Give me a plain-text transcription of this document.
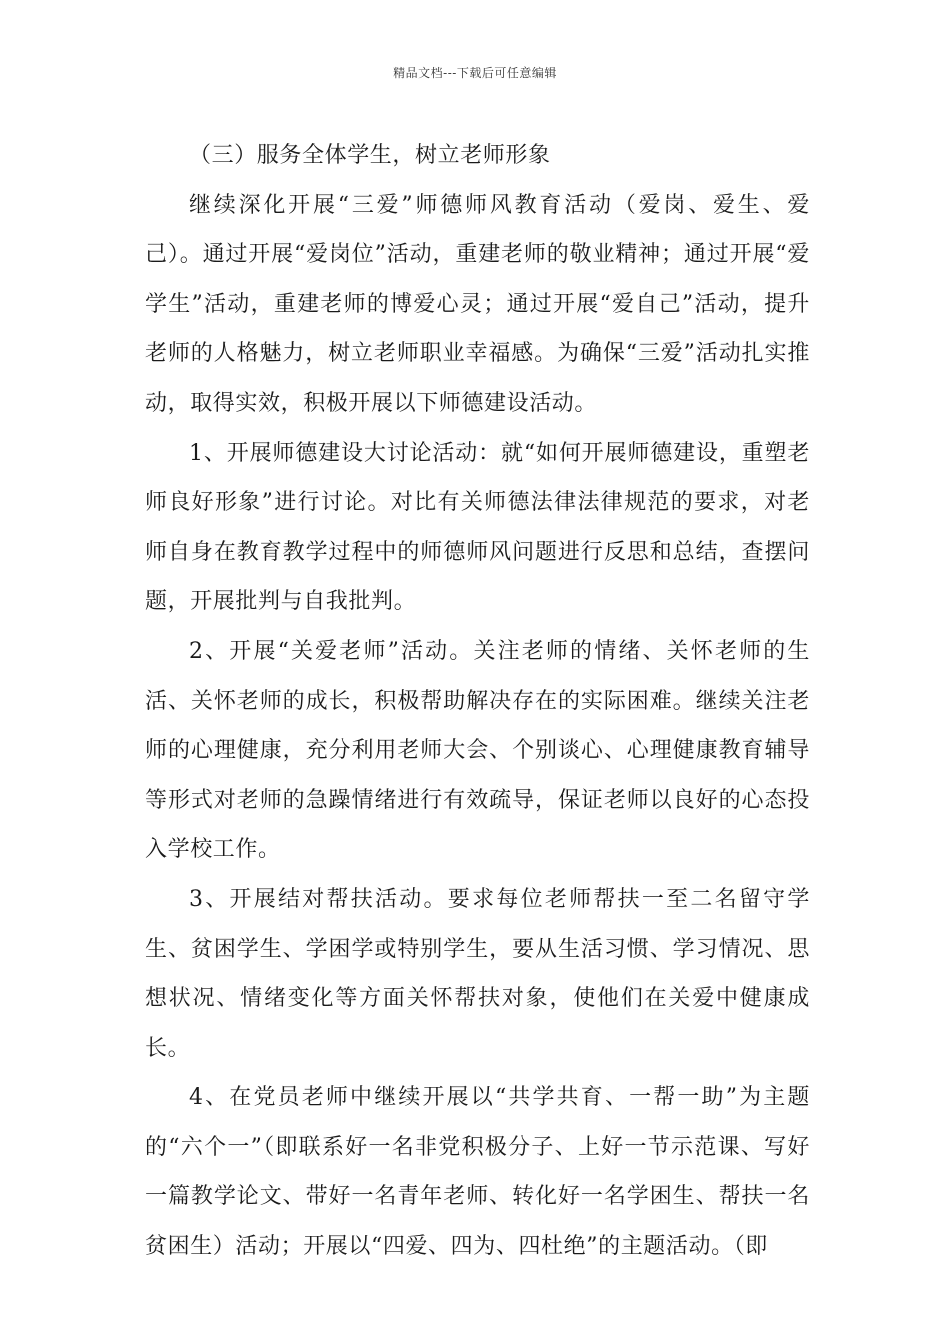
精品文档---下载后可任意编辑

（三）服务全体学生，树立老师形象

继续深化开展“三爱”师德师风教育活动（爱岗、爱生、爱己）。通过开展“爱岗位”活动，重建老师的敬业精神；通过开展“爱学生”活动，重建老师的博爱心灵；通过开展“爱自己”活动，提升老师的人格魅力，树立老师职业幸福感。为确保“三爱”活动扎实推动，取得实效，积极开展以下师德建设活动。

1、开展师德建设大讨论活动：就“如何开展师德建设，重塑老师良好形象”进行讨论。对比有关师德法律法律规范的要求，对老师自身在教育教学过程中的师德师风问题进行反思和总结，查摆问题，开展批判与自我批判。

2、开展“关爱老师”活动。关注老师的情绪、关怀老师的生活、关怀老师的成长，积极帮助解决存在的实际困难。继续关注老师的心理健康，充分利用老师大会、个别谈心、心理健康教育辅导等形式对老师的急躁情绪进行有效疏导，保证老师以良好的心态投入学校工作。

3、开展结对帮扶活动。要求每位老师帮扶一至二名留守学生、贫困学生、学困学或特别学生，要从生活习惯、学习情况、思想状况、情绪变化等方面关怀帮扶对象，使他们在关爱中健康成长。

4、在党员老师中继续开展以“共学共育、一帮一助”为主题的“六个一”（即联系好一名非党积极分子、上好一节示范课、写好一篇教学论文、带好一名青年老师、转化好一名学困生、帮扶一名贫困生）活动；开展以“四爱、四为、四杜绝”的主题活动。（即
